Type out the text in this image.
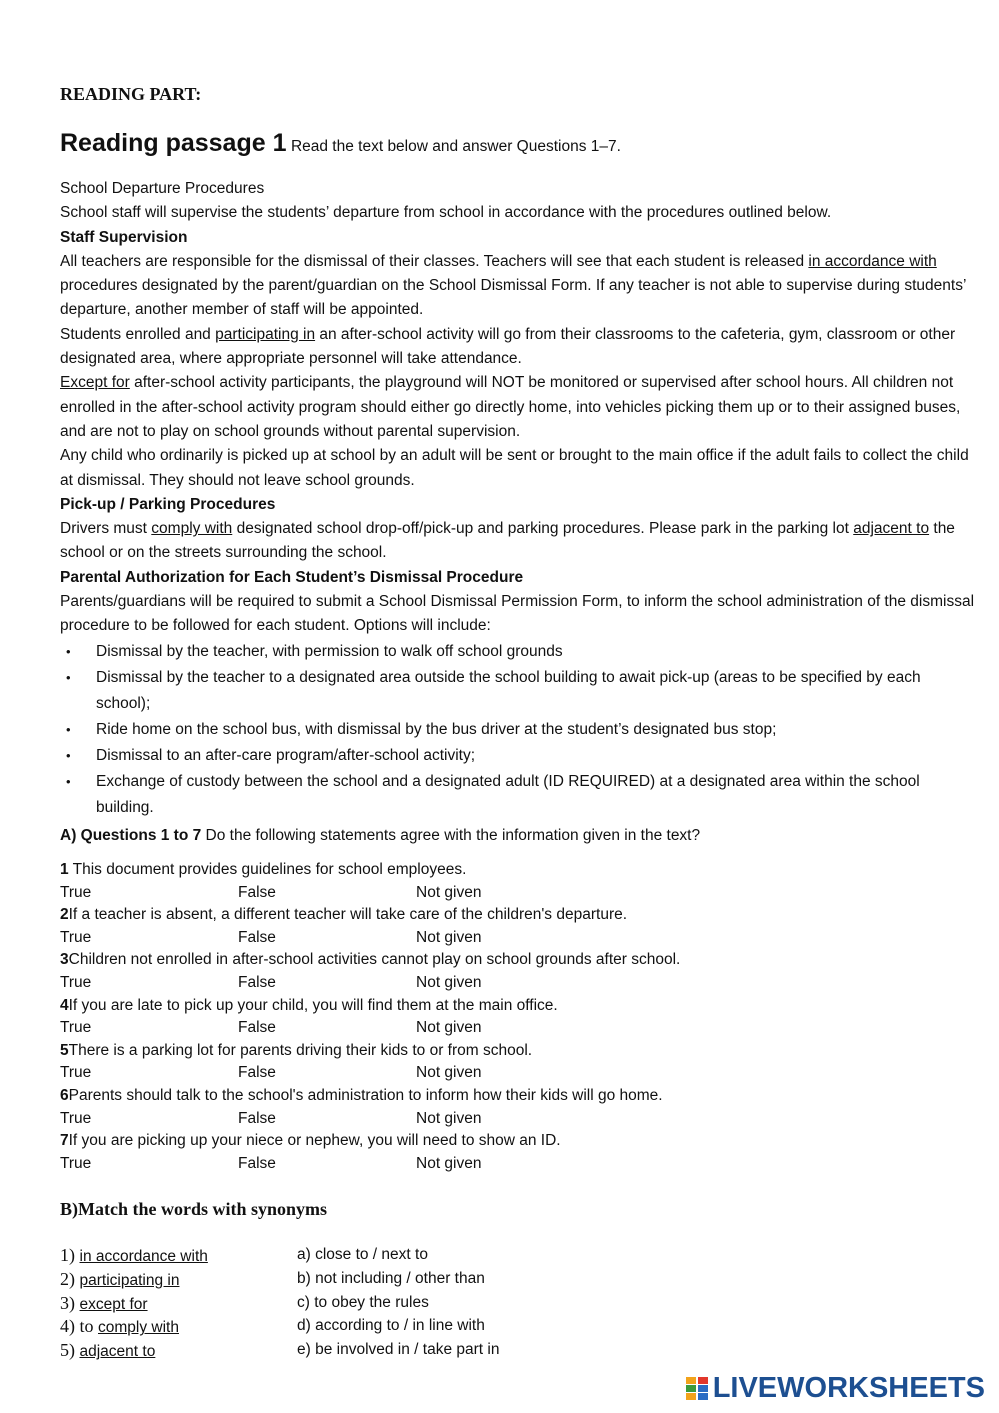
READING PART:
Reading passage 1 Read the text below and answer Questions 1–7.

School Departure Procedures

School staff will supervise the students’ departure from school in accordance with the procedures outlined below.

Staff Supervision

All teachers are responsible for the dismissal of their classes. Teachers will see that each student is released in accordance with procedures designated by the parent/guardian on the School Dismissal Form. If any teacher is not able to supervise during students’ departure, another member of staff will be appointed.

Students enrolled and participating in an after-school activity will go from their classrooms to the cafeteria, gym, classroom or other designated area, where appropriate personnel will take attendance.

Except for after-school activity participants, the playground will NOT be monitored or supervised after school hours. All children not enrolled in the after-school activity program should either go directly home, into vehicles picking them up or to their assigned buses, and are not to play on school grounds without parental supervision.

Any child who ordinarily is picked up at school by an adult will be sent or brought to the main office if the adult fails to collect the child at dismissal. They should not leave school grounds.

Pick-up / Parking Procedures

Drivers must comply with designated school drop-off/pick-up and parking procedures. Please park in the parking lot adjacent to the school or on the streets surrounding the school.

Parental Authorization for Each Student’s Dismissal Procedure

Parents/guardians will be required to submit a School Dismissal Permission Form, to inform the school administration of the dismissal procedure to be followed for each student. Options will include:

• Dismissal by the teacher, with permission to walk off school grounds
• Dismissal by the teacher to a designated area outside the school building to await pick-up (areas to be specified by each school);
• Ride home on the school bus, with dismissal by the bus driver at the student’s designated bus stop;
• Dismissal to an after-care program/after-school activity;
• Exchange of custody between the school and a designated adult (ID REQUIRED) at a designated area within the school building.

A) Questions 1 to 7 Do the following statements agree with the information given in the text?

1 This document provides guidelines for school employees.
True	False	Not given
2If a teacher is absent, a different teacher will take care of the children's departure.
True	False	Not given
3Children not enrolled in after-school activities cannot play on school grounds after school.
True	False	Not given
4If you are late to pick up your child, you will find them at the main office.
True	False	Not given
5There is a parking lot for parents driving their kids to or from school.
True	False	Not given
6Parents should talk to the school's administration to inform how their kids will go home.
True	False	Not given
7If you are picking up your niece or nephew, you will need to show an ID.
True	False	Not given
B)Match the words with synonyms
1) in accordance with	a) close to / next to
2) participating in	b) not including / other than
3) except for	c) to obey the rules
4) to comply with	d) according to / in line with
5) adjacent to	e) be involved in / take part in
LIVEWORKSHEETS
